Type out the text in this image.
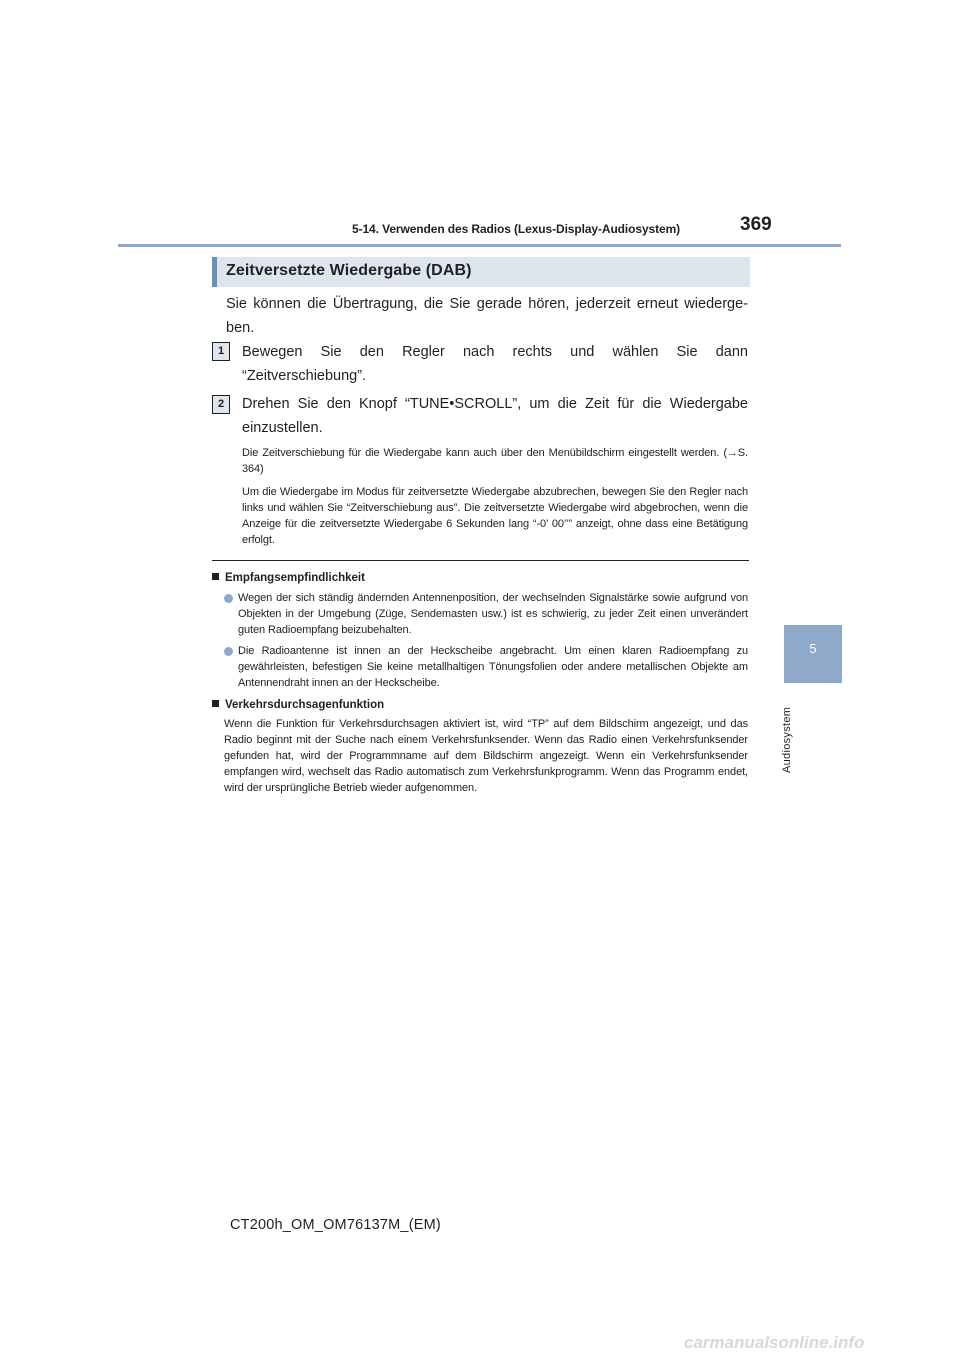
5-14. Verwenden des Radios (Lexus-Display-Audiosystem)	369
5
Audiosystem
Zeitversetzte Wiedergabe (DAB)
Sie können die Übertragung, die Sie gerade hören, jederzeit erneut wiedergeben.
1	Bewegen Sie den Regler nach rechts und wählen Sie dann “Zeitverschiebung”.
2	Drehen Sie den Knopf “TUNE•SCROLL”, um die Zeit für die Wiedergabe einzustellen.
Die Zeitverschiebung für die Wiedergabe kann auch über den Menübildschirm eingestellt werden. (→S. 364)
Um die Wiedergabe im Modus für zeitversetzte Wiedergabe abzubrechen, bewegen Sie den Regler nach links und wählen Sie “Zeitverschiebung aus”. Die zeitversetzte Wiedergabe wird abgebrochen, wenn die Anzeige für die zeitversetzte Wiedergabe 6 Sekunden lang “-0’ 00’’” anzeigt, ohne dass eine Betätigung erfolgt.
Empfangsempfindlichkeit
Wegen der sich ständig ändernden Antennenposition, der wechselnden Signalstärke sowie aufgrund von Objekten in der Umgebung (Züge, Sendemasten usw.) ist es schwierig, zu jeder Zeit einen unverändert guten Radioempfang beizubehalten.
Die Radioantenne ist innen an der Heckscheibe angebracht. Um einen klaren Radioempfang zu gewährleisten, befestigen Sie keine metallhaltigen Tönungsfolien oder andere metallischen Objekte am Antennendraht innen an der Heckscheibe.
Verkehrsdurchsagenfunktion
Wenn die Funktion für Verkehrsdurchsagen aktiviert ist, wird “TP” auf dem Bildschirm angezeigt, und das Radio beginnt mit der Suche nach einem Verkehrsfunksender. Wenn das Radio einen Verkehrsfunksender gefunden hat, wird der Programmname auf dem Bildschirm angezeigt. Wenn ein Verkehrsfunksender empfangen wird, wechselt das Radio automatisch zum Verkehrsfunkprogramm. Wenn das Programm endet, wird der ursprüngliche Betrieb wieder aufgenommen.
CT200h_OM_OM76137M_(EM)
carmanualsonline.info
